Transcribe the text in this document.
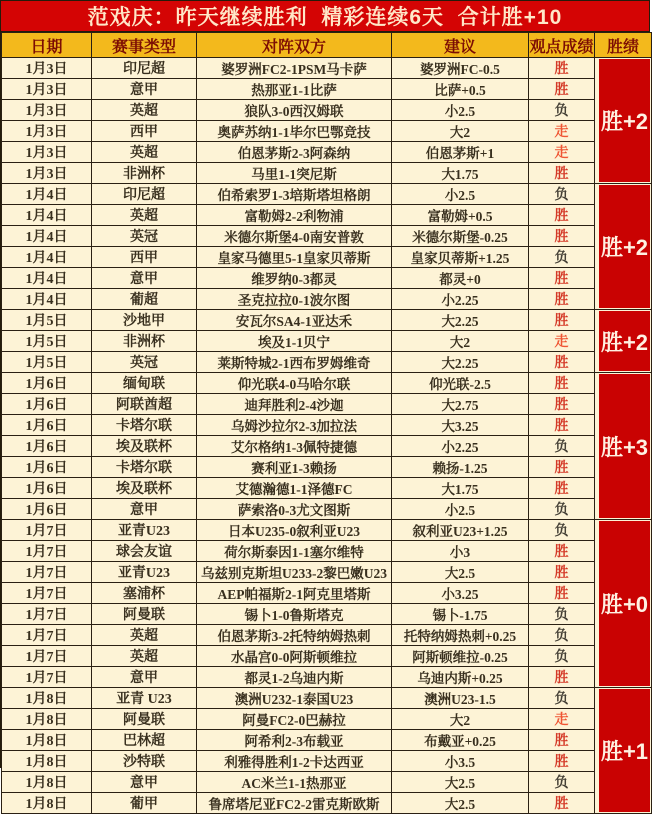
范戏庆：昨天继续胜利  精彩连续6天  合计胜+10
日期	赛事类型	对阵双方	建议	观点成绩	胜绩
1月3日	印尼超	婆罗洲FC2-1PSM马卡萨	婆罗洲FC-0.5	胜	胜+2

1月3日	意甲	热那亚1-1比萨	比萨+0.5	胜	
1月3日	英超	狼队3-0西汉姆联	小2.5	负	
1月3日	西甲	奥萨苏纳1-1毕尔巴鄂竞技	大2	走	
1月3日	英超	伯恩茅斯2-3阿森纳	伯恩茅斯+1	走	
1月3日	非洲杯	马里1-1突尼斯	大1.75	胜	
1月4日	印尼超	伯希索罗1-3培斯塔坦格朗	小2.5	负	胜+2

1月4日	英超	富勒姆2-2利物浦	富勒姆+0.5	胜	
1月4日	英冠	米德尔斯堡4-0南安普敦	米德尔斯堡-0.25	胜	
1月4日	西甲	皇家马德里5-1皇家贝蒂斯	皇家贝蒂斯+1.25	负	
1月4日	意甲	维罗纳0-3都灵	都灵+0	胜	
1月4日	葡超	圣克拉拉0-1波尔图	小2.25	胜	
1月5日	沙地甲	安瓦尔SA4-1亚达禾	大2.25	胜	胜+2

1月5日	非洲杯	埃及1-1贝宁	大2	走	
1月5日	英冠	莱斯特城2-1西布罗姆维奇	大2.25	胜	
1月6日	缅甸联	仰光联4-0马哈尔联	仰光联-2.5	胜	胜+3

1月6日	阿联酋超	迪拜胜利2-4沙迦	大2.75	胜	
1月6日	卡塔尔联	乌姆沙拉尔2-3加拉法	大3.25	胜	
1月6日	埃及联杯	艾尔格纳1-3佩特捷德	小2.25	负	
1月6日	卡塔尔联	赛利亚1-3赖扬	赖扬-1.25	胜	
1月6日	埃及联杯	艾德瀚德1-1泽德FC	大1.75	胜	
1月6日	意甲	萨索洛0-3尤文图斯	小2.5	负	
1月7日	亚青U23	日本U235-0叙利亚U23	叙利亚U23+1.25	负	胜+0

1月7日	球会友谊	荷尔斯泰因1-1塞尔维特	小3	胜	
1月7日	亚青U23	乌兹别克斯坦U233-2黎巴嫩U23	大2.5	胜	
1月7日	塞浦杯	AEP帕福斯2-1阿克里塔斯	小3.25	胜	
1月7日	阿曼联	锡卜1-0鲁斯塔克	锡卜-1.75	负	
1月7日	英超	伯恩茅斯3-2托特纳姆热刺	托特纳姆热刺+0.25	负	
1月7日	英超	水晶宫0-0阿斯顿维拉	阿斯顿维拉-0.25	负	
1月7日	意甲	都灵1-2乌迪内斯	乌迪内斯+0.25	胜	
1月8日	亚青 U23	澳洲U232-1泰国U23	澳洲U23-1.5	负	胜+1

1月8日	阿曼联	阿曼FC2-0巴赫拉	大2	走	
1月8日	巴林超	阿希利2-3布载亚	布戴亚+0.25	胜	
1月8日	沙特联	利雅得胜利1-2卡达西亚	小3.5	胜	
1月8日	意甲	AC米兰1-1热那亚	大2.5	负	
1月8日	葡甲	鲁席塔尼亚FC2-2雷克斯欧斯	大2.5	胜	
